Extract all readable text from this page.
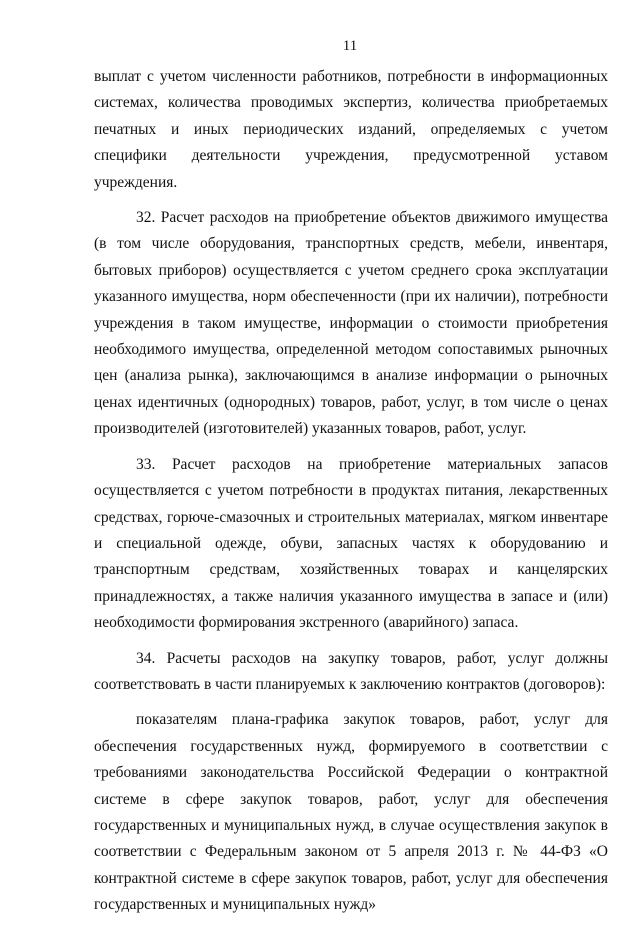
11

выплат с учетом численности работников, потребности в информационных системах, количества проводимых экспертиз, количества приобретаемых печатных и иных периодических изданий, определяемых с учетом специфики деятельности учреждения, предусмотренной уставом учреждения.

32. Расчет расходов на приобретение объектов движимого имущества (в том числе оборудования, транспортных средств, мебели, инвентаря, бытовых приборов) осуществляется с учетом среднего срока эксплуатации указанного имущества, норм обеспеченности (при их наличии), потребности учреждения в таком имуществе, информации о стоимости приобретения необходимого имущества, определенной методом сопоставимых рыночных цен (анализа рынка), заключающимся в анализе информации о рыночных ценах идентичных (однородных) товаров, работ, услуг, в том числе о ценах производителей (изготовителей) указанных товаров, работ, услуг.

33. Расчет расходов на приобретение материальных запасов осуществляется с учетом потребности в продуктах питания, лекарственных средствах, горюче-смазочных и строительных материалах, мягком инвентаре и специальной одежде, обуви, запасных частях к оборудованию и транспортным средствам, хозяйственных товарах и канцелярских принадлежностях, а также наличия указанного имущества в запасе и (или) необходимости формирования экстренного (аварийного) запаса.

34. Расчеты расходов на закупку товаров, работ, услуг должны соответствовать в части планируемых к заключению контрактов (договоров):

показателям плана-графика закупок товаров, работ, услуг для обеспечения государственных нужд, формируемого в соответствии с требованиями законодательства Российской Федерации о контрактной системе в сфере закупок товаров, работ, услуг для обеспечения государственных и муниципальных нужд, в случае осуществления закупок в соответствии с Федеральным законом от 5 апреля 2013 г. № 44-ФЗ «О контрактной системе в сфере закупок товаров, работ, услуг для обеспечения государственных и муниципальных нужд»
